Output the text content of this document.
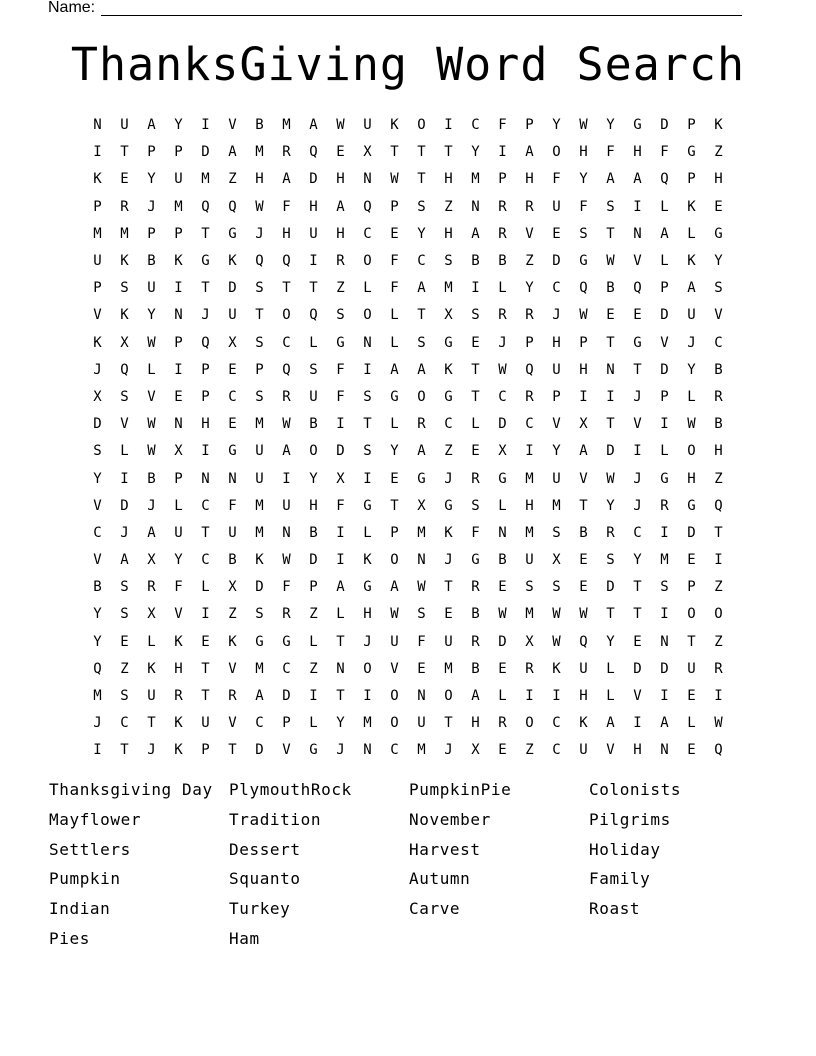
Name:
ThanksGiving Word Search
N	U	A	Y	I	V	B	M	A	W	U	K	O	I	C	F	P	Y	W	Y	G	D	P	K
I	T	P	P	D	A	M	R	Q	E	X	T	T	T	Y	I	A	O	H	F	H	F	G	Z
K	E	Y	U	M	Z	H	A	D	H	N	W	T	H	M	P	H	F	Y	A	A	Q	P	H
P	R	J	M	Q	Q	W	F	H	A	Q	P	S	Z	N	R	R	U	F	S	I	L	K	E
M	M	P	P	T	G	J	H	U	H	C	E	Y	H	A	R	V	E	S	T	N	A	L	G
U	K	B	K	G	K	Q	Q	I	R	O	F	C	S	B	B	Z	D	G	W	V	L	K	Y
P	S	U	I	T	D	S	T	T	Z	L	F	A	M	I	L	Y	C	Q	B	Q	P	A	S
V	K	Y	N	J	U	T	O	Q	S	O	L	T	X	S	R	R	J	W	E	E	D	U	V
K	X	W	P	Q	X	S	C	L	G	N	L	S	G	E	J	P	H	P	T	G	V	J	C
J	Q	L	I	P	E	P	Q	S	F	I	A	A	K	T	W	Q	U	H	N	T	D	Y	B
X	S	V	E	P	C	S	R	U	F	S	G	O	G	T	C	R	P	I	I	J	P	L	R
D	V	W	N	H	E	M	W	B	I	T	L	R	C	L	D	C	V	X	T	V	I	W	B
S	L	W	X	I	G	U	A	O	D	S	Y	A	Z	E	X	I	Y	A	D	I	L	O	H
Y	I	B	P	N	N	U	I	Y	X	I	E	G	J	R	G	M	U	V	W	J	G	H	Z
V	D	J	L	C	F	M	U	H	F	G	T	X	G	S	L	H	M	T	Y	J	R	G	Q
C	J	A	U	T	U	M	N	B	I	L	P	M	K	F	N	M	S	B	R	C	I	D	T
V	A	X	Y	C	B	K	W	D	I	K	O	N	J	G	B	U	X	E	S	Y	M	E	I
B	S	R	F	L	X	D	F	P	A	G	A	W	T	R	E	S	S	E	D	T	S	P	Z
Y	S	X	V	I	Z	S	R	Z	L	H	W	S	E	B	W	M	W	W	T	T	I	O	O
Y	E	L	K	E	K	G	G	L	T	J	U	F	U	R	D	X	W	Q	Y	E	N	T	Z
Q	Z	K	H	T	V	M	C	Z	N	O	V	E	M	B	E	R	K	U	L	D	D	U	R
M	S	U	R	T	R	A	D	I	T	I	O	N	O	A	L	I	I	H	L	V	I	E	I
J	C	T	K	U	V	C	P	L	Y	M	O	U	T	H	R	O	C	K	A	I	A	L	W
I	T	J	K	P	T	D	V	G	J	N	C	M	J	X	E	Z	C	U	V	H	N	E	Q
Thanksgiving Day	PlymouthRock	PumpkinPie	Colonists
Mayflower	Tradition	November	Pilgrims
Settlers	Dessert	Harvest	Holiday
Pumpkin	Squanto	Autumn	Family
Indian	Turkey	Carve	Roast
Pies	Ham
